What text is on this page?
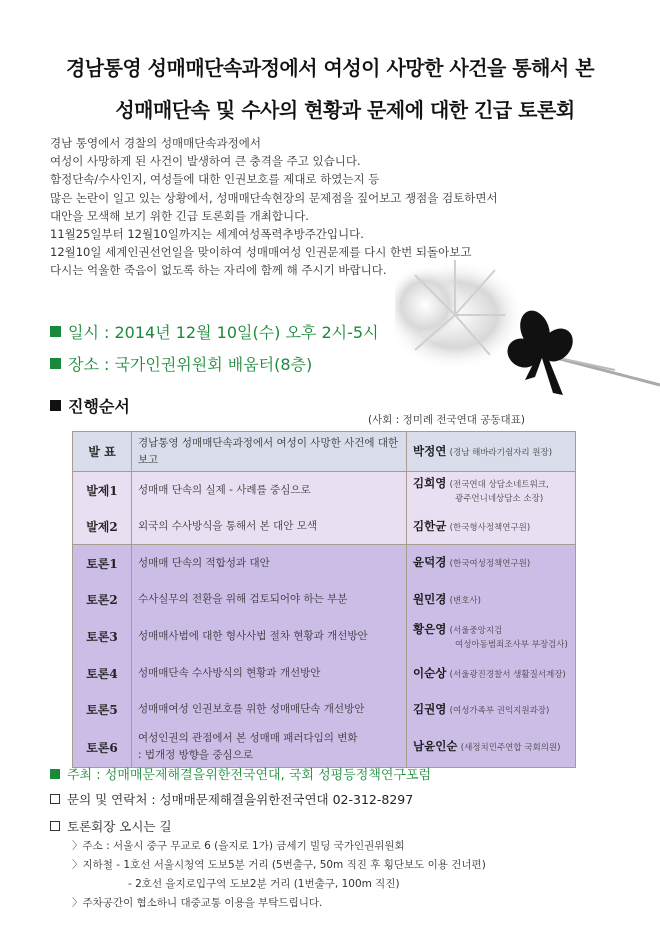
경남통영 성매매단속과정에서 여성이 사망한 사건을 통해서 본
성매매단속 및 수사의 현황과 문제에 대한 긴급 토론회
경남 통영에서 경찰의 성매매단속과정에서
여성이 사망하게 된 사건이 발생하여 큰 충격을 주고 있습니다.
함정단속/수사인지, 여성들에 대한 인권보호를 제대로 하였는지 등
많은 논란이 일고 있는 상황에서, 성매매단속현장의 문제점을 짚어보고 쟁점을 검토하면서
대안을 모색해 보기 위한 긴급 토론회를 개최합니다.
11월25일부터 12월10일까지는 세계여성폭력추방주간입니다.
12월10일 세계인권선언일을 맞이하여 성매매여성 인권문제를 다시 한번 되돌아보고
다시는 억울한 죽음이 없도록 하는 자리에 함께 해 주시기 바랍니다.
일시 : 2014년 12월 10일(수) 오후 2시-5시
장소 : 국가인권위원회 배움터(8층)
진행순서
(사회 : 정미례 전국연대 공동대표)
발 표	경남통영 성매매단속과정에서 여성이 사망한 사건에 대한 보고	박정연 (경남 해바라기쉼자리 원장)
발제1	성매매 단속의 실제 - 사례를 중심으로	김희영 (전국연대 상담소네트워크,
광주언니네상담소 소장)

발제2	외국의 수사방식을 통해서 본 대안 모색	김한균 (한국형사정책연구원)
토론1	성매매 단속의 적합성과 대안	윤덕경 (한국여성정책연구원)
토론2	수사실무의 전환을 위해 검토되어야 하는 부분	원민경 (변호사)
토론3	성매매사범에 대한 형사사법 절차 현황과 개선방안	황은영 (서울중앙지검
여성아동범죄조사부 부장검사)

토론4	성매매단속 수사방식의 현황과 개선방안	이순상 (서울광진경찰서 생활질서계장)
토론5	성매매여성 인권보호를 위한 성매매단속 개선방안	김권영 (여성가족부 권익지원과장)
토론6	여성인권의 관점에서 본 성매매 패러다임의 변화
: 법개정 방향을 중심으로	남윤인순 (새정치민주연합 국회의원)
주최 : 성매매문제해결을위한전국연대, 국회 성평등정책연구포럼
문의 및 연락처 : 성매매문제해결을위한전국연대 02-312-8297
토론회장 오시는 길
〉주소 : 서울시 중구 무교로 6 (을지로 1가) 금세기 빌딩 국가인권위원회
〉지하철 - 1호선 서울시청역 도보5분 거리 (5번출구, 50m 직진 후 횡단보도 이용 건너편)
- 2호선 을지로입구역 도보2분 거리 (1번출구, 100m 직진)
〉주차공간이 협소하니 대중교통 이용을 부탁드립니다.
